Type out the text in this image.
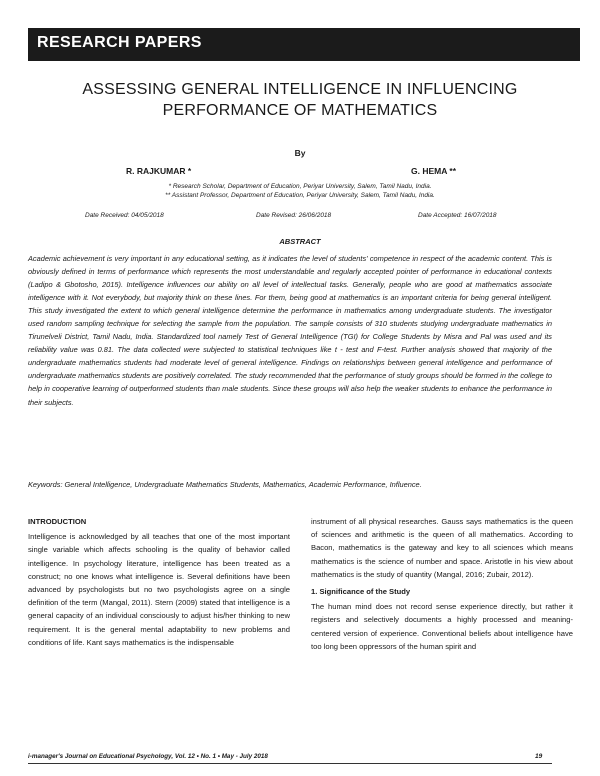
RESEARCH PAPERS
ASSESSING GENERAL INTELLIGENCE IN INFLUENCING
PERFORMANCE OF MATHEMATICS
By
R. RAJKUMAR *	G. HEMA **
* Research Scholar, Department of Education, Periyar University, Salem, Tamil Nadu, India.
** Assistant Professor, Department of Education, Periyar University, Salem, Tamil Nadu, India.
Date Received: 04/05/2018	Date Revised: 26/06/2018	Date Accepted: 16/07/2018
ABSTRACT

Academic achievement is very important in any educational setting, as it indicates the level of students' competence in respect of the academic content. This is obviously defined in terms of performance which represents the most understandable and regularly accepted pointer of performance in educational contexts (Ladipo & Gbotosho, 2015). Intelligence influences our ability on all level of intellectual tasks. Generally, people who are good at mathematics associate intelligence with it. Not everybody, but majority think on these lines. For them, being good at mathematics is an important criteria for being general intelligent. This study investigated the extent to which general intelligence determine the performance in mathematics among undergraduate students. The investigator used random sampling technique for selecting the sample from the population. The sample consists of 310 students studying undergraduate mathematics in Tirunelveli District, Tamil Nadu, India. Standardized tool namely Test of General Intelligence (TGI) for College Students by Misra and Pal was used and its reliability value was 0.81. The data collected were subjected to statistical techniques like t - test and F-test. Further analysis showed that majority of the undergraduate mathematics students had moderate level of general intelligence. Findings on relationships between general intelligence and performance of undergraduate mathematics students are positively correlated. The study recommended that the performance of study groups should be formed in the college to help in cooperative learning of outperformed students than male students. Since these groups will also help the weaker students to enhance the performance in their subjects.

Keywords: General Intelligence, Undergraduate Mathematics Students, Mathematics, Academic Performance, Influence.

INTRODUCTION

Intelligence is acknowledged by all teaches that one of the most important single variable which affects schooling is the quality of behavior called intelligence. In psychology literature, intelligence has been treated as a construct; no one knows what intelligence is. Several definitions have been advanced by psychologists but no two psychologists agree on a single definition of the term (Mangal, 2011). Stern (2009) stated that intelligence is a general capacity of an individual consciously to adjust his/her thinking to new requirement. It is the general mental adaptability to new problems and conditions of life. Kant says mathematics is the indispensable

instrument of all physical researches. Gauss says mathematics is the queen of sciences and arithmetic is the queen of all mathematics. According to Bacon, mathematics is the gateway and key to all sciences which means mathematics is the science of number and space. Aristotle in his view about mathematics is the study of quantity (Mangal, 2016; Zubair, 2012).

1. Significance of the Study

The human mind does not record sense experience directly, but rather it registers and selectively documents a highly processed and meaning-centered version of experience. Conventional beliefs about intelligence have too long been oppressors of the human spirit and

i-manager's Journal on Educational Psychology, Vol. 12 • No. 1 • May - July 2018	19
